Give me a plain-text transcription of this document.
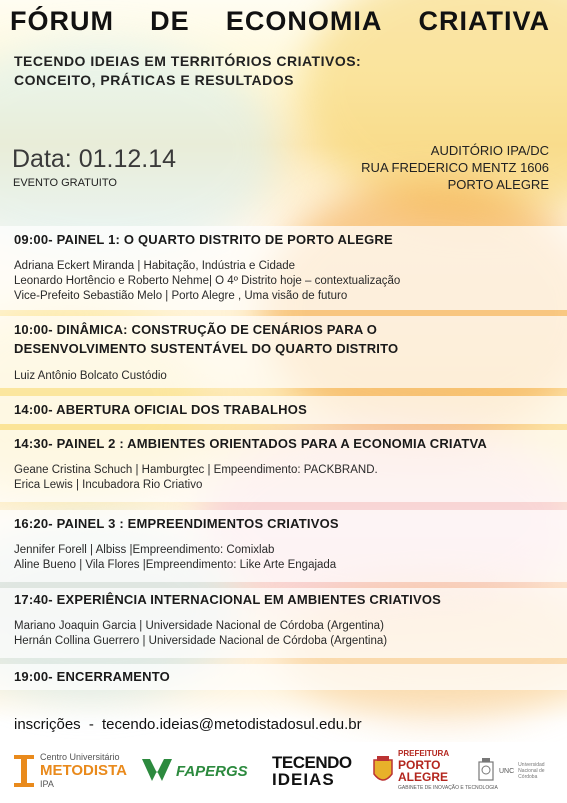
FÓRUM DE ECONOMIA CRIATIVA
TECENDO IDEIAS EM TERRITÓRIOS CRIATIVOS:
CONCEITO, PRÁTICAS E RESULTADOS
Data: 01.12.14
EVENTO GRATUITO
AUDITÓRIO IPA/DC
RUA FREDERICO MENTZ 1606
PORTO ALEGRE
09:00- PAINEL 1: O QUARTO DISTRITO DE PORTO ALEGRE
Adriana Eckert Miranda | Habitação, Indústria e Cidade
Leonardo Hortêncio e Roberto Nehme| O 4º Distrito hoje – contextualização
Vice-Prefeito Sebastião Melo | Porto Alegre , Uma visão de futuro
10:00- DINÂMICA: CONSTRUÇÃO DE CENÁRIOS PARA O
DESENVOLVIMENTO SUSTENTÁVEL DO QUARTO DISTRITO
Luiz Antônio Bolcato Custódio
14:00- ABERTURA OFICIAL DOS TRABALHOS
14:30- PAINEL 2 : AMBIENTES ORIENTADOS PARA A ECONOMIA CRIATVA
Geane Cristina Schuch | Hamburgtec | Empeendimento: PACKBRAND.
Erica Lewis | Incubadora Rio Criativo
16:20- PAINEL 3 : EMPREENDIMENTOS CRIATIVOS
Jennifer Forell | Albiss |Empreendimento: Comixlab
Aline Bueno | Vila Flores |Empreendimento: Like Arte Engajada
17:40- EXPERIÊNCIA INTERNACIONAL EM AMBIENTES CRIATIVOS
Mariano Joaquin Garcia | Universidade Nacional de Córdoba (Argentina)
Hernán Collina Guerrero | Universidade Nacional de Córdoba (Argentina)
19:00- ENCERRAMENTO
inscrições - tecendo.ideias@metodistadosul.edu.br
Centro Universitário
METODISTA
IPA
FAPERGS TECENDO
IDEIAS
PREFEITURA
PORTO
ALEGRE
GABINETE DE INOVAÇÃO E TECNOLOGIA
UNC
Universidad Nacional de Córdoba
